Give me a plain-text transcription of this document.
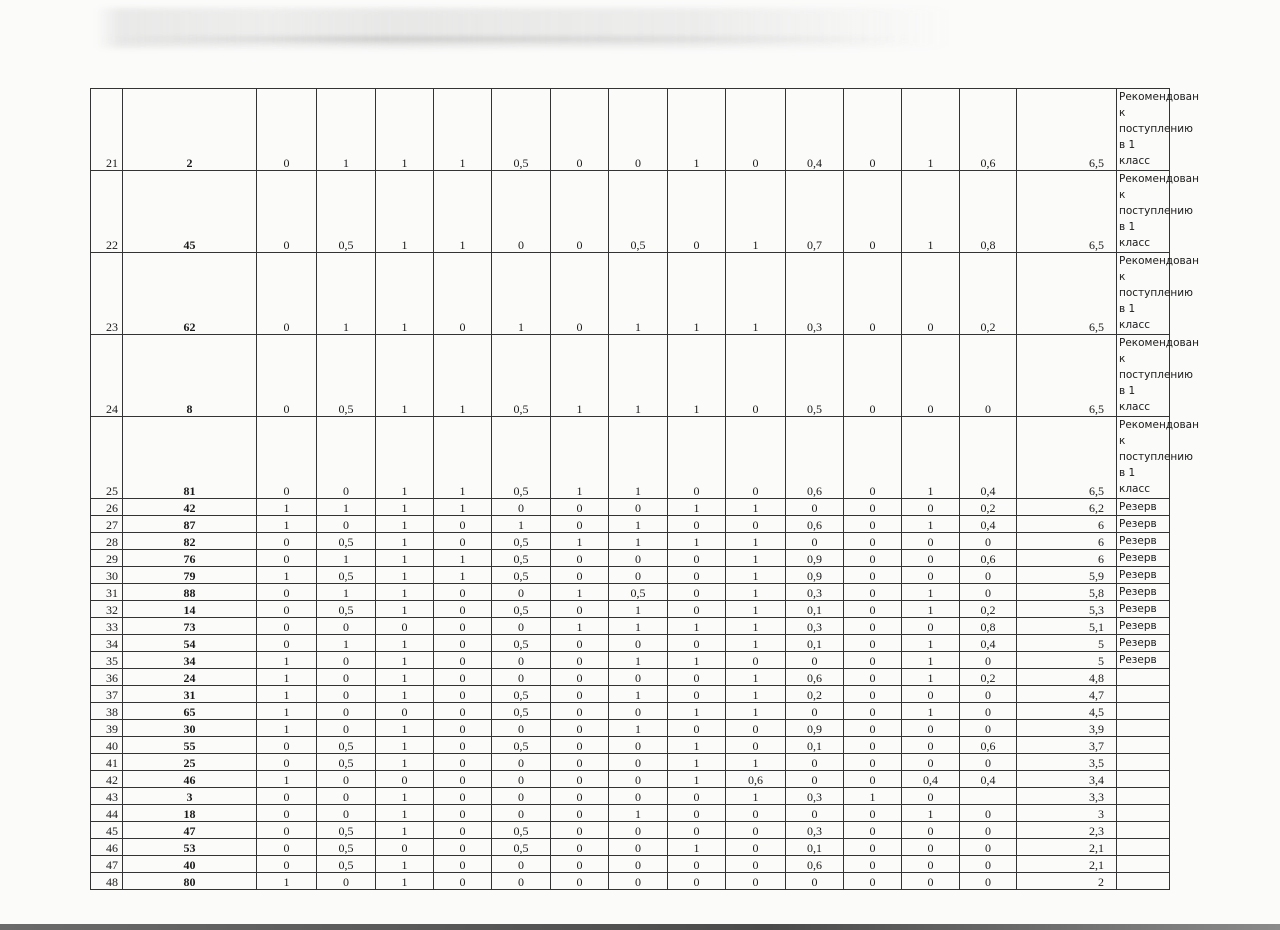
21	2	0	1	1	1	0,5	0	0	1	0	0,4	0	1	0,6	6,5	Рекомендован к поступлению в 1 класс
22	45	0	0,5	1	1	0	0	0,5	0	1	0,7	0	1	0,8	6,5	Рекомендован к поступлению в 1 класс
23	62	0	1	1	0	1	0	1	1	1	0,3	0	0	0,2	6,5	Рекомендован к поступлению в 1 класс
24	8	0	0,5	1	1	0,5	1	1	1	0	0,5	0	0	0	6,5	Рекомендован к поступлению в 1 класс
25	81	0	0	1	1	0,5	1	1	0	0	0,6	0	1	0,4	6,5	Рекомендован к поступлению в 1 класс
26	42	1	1	1	1	0	0	0	1	1	0	0	0	0,2	6,2	Резерв
27	87	1	0	1	0	1	0	1	0	0	0,6	0	1	0,4	6	Резерв
28	82	0	0,5	1	0	0,5	1	1	1	1	0	0	0	0	6	Резерв
29	76	0	1	1	1	0,5	0	0	0	1	0,9	0	0	0,6	6	Резерв
30	79	1	0,5	1	1	0,5	0	0	0	1	0,9	0	0	0	5,9	Резерв
31	88	0	1	1	0	0	1	0,5	0	1	0,3	0	1	0	5,8	Резерв
32	14	0	0,5	1	0	0,5	0	1	0	1	0,1	0	1	0,2	5,3	Резерв
33	73	0	0	0	0	0	1	1	1	1	0,3	0	0	0,8	5,1	Резерв
34	54	0	1	1	0	0,5	0	0	0	1	0,1	0	1	0,4	5	Резерв
35	34	1	0	1	0	0	0	1	1	0	0	0	1	0	5	Резерв
36	24	1	0	1	0	0	0	0	0	1	0,6	0	1	0,2	4,8	
37	31	1	0	1	0	0,5	0	1	0	1	0,2	0	0	0	4,7	
38	65	1	0	0	0	0,5	0	0	1	1	0	0	1	0	4,5	
39	30	1	0	1	0	0	0	1	0	0	0,9	0	0	0	3,9	
40	55	0	0,5	1	0	0,5	0	0	1	0	0,1	0	0	0,6	3,7	
41	25	0	0,5	1	0	0	0	0	1	1	0	0	0	0	3,5	
42	46	1	0	0	0	0	0	0	1	0,6	0	0	0,4	0,4	3,4	
43	3	0	0	1	0	0	0	0	0	1	0,3	1	0		3,3	
44	18	0	0	1	0	0	0	1	0	0	0	0	1	0	3	
45	47	0	0,5	1	0	0,5	0	0	0	0	0,3	0	0	0	2,3	
46	53	0	0,5	0	0	0,5	0	0	1	0	0,1	0	0	0	2,1	
47	40	0	0,5	1	0	0	0	0	0	0	0,6	0	0	0	2,1	
48	80	1	0	1	0	0	0	0	0	0	0	0	0	0	2	
